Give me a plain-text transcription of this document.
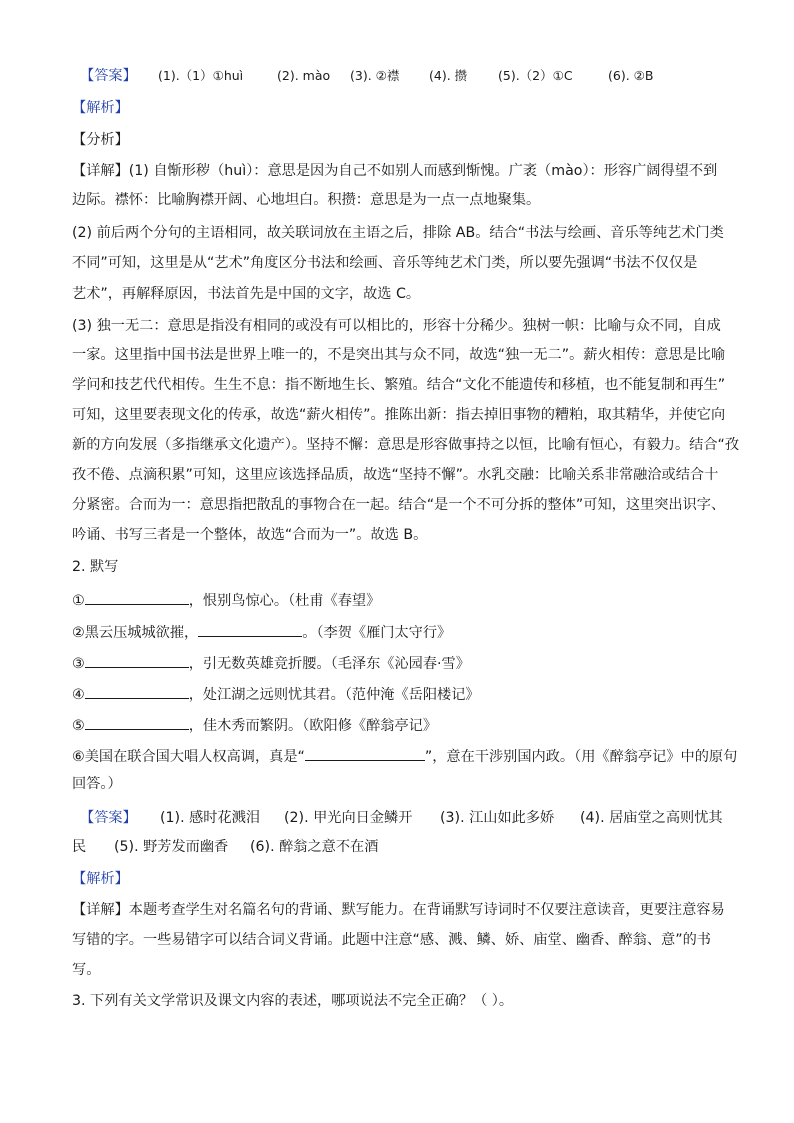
【答案】 (1).（1）①huì	(2). mào (3). ②襟 (4). 攒 (5).（2）①C	(6). ②B
【解析】
【分析】
【详解】(1) 自惭形秽（huì）：意思是因为自己不如别人而感到惭愧。广袤（mào）：形容广阔得望不到
边际。襟怀：比喻胸襟开阔、心地坦白。积攒：意思是为一点一点地聚集。
(2) 前后两个分句的主语相同，故关联词放在主语之后，排除 AB。结合“书法与绘画、音乐等纯艺术门类
不同”可知，这里是从“艺术”角度区分书法和绘画、音乐等纯艺术门类，所以要先强调“书法不仅仅是
艺术”，再解释原因，书法首先是中国的文字，故选 C。
(3) 独一无二：意思是指没有相同的或没有可以相比的，形容十分稀少。独树一帜：比喻与众不同，自成
一家。这里指中国书法是世界上唯一的，不是突出其与众不同，故选“独一无二”。薪火相传：意思是比喻
学问和技艺代代相传。生生不息：指不断地生长、繁殖。结合“文化不能遗传和移植，也不能复制和再生”
可知，这里要表现文化的传承，故选“薪火相传”。推陈出新：指去掉旧事物的糟粕，取其精华，并使它向
新的方向发展（多指继承文化遗产）。坚持不懈：意思是形容做事持之以恒，比喻有恒心，有毅力。结合“孜
孜不倦、点滴积累”可知，这里应该选择品质，故选“坚持不懈”。水乳交融：比喻关系非常融洽或结合十
分紧密。合而为一：意思指把散乱的事物合在一起。结合“是一个不可分拆的整体”可知，这里突出识字、
吟诵、书写三者是一个整体，故选“合而为一”。故选 B。
2. 默写
①	，恨别鸟惊心。（杜甫《春望》
②黑云压城城欲摧，	。（李贺《雁门太守行》
③	，引无数英雄竞折腰。（毛泽东《沁园春·雪》
④	，处江湖之远则忧其君。（范仲淹《岳阳楼记》
⑤	，佳木秀而繁阴。（欧阳修《醉翁亭记》
⑥美国在联合国大唱人权高调，真是“	”，意在干涉别国内政。（用《醉翁亭记》中的原句
回答。）
【答案】 (1). 感时花溅泪 (2). 甲光向日金鳞开 (3). 江山如此多娇 (4). 居庙堂之高则忧其
民 (5). 野芳发而幽香 (6). 醉翁之意不在酒
【解析】
【详解】本题考查学生对名篇名句的背诵、默写能力。在背诵默写诗词时不仅要注意读音，更要注意容易
写错的字。一些易错字可以结合词义背诵。此题中注意“感、溅、鳞、娇、庙堂、幽香、醉翁、意”的书
写。
3. 下列有关文学常识及课文内容的表述，哪项说法不完全正确？（ ）。
